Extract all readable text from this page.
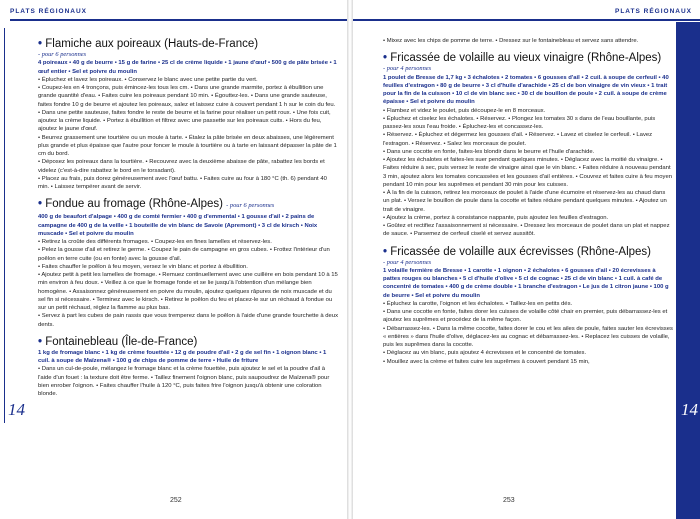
PLATS RÉGIONAUX
14
• Flamiche aux poireaux (Hauts-de-France)
- pour 6 personnes
4 poireaux • 40 g de beurre • 15 g de farine • 25 cl de crème liquide • 1 jaune d'œuf • 500 g de pâte brisée • 1 œuf entier • Sel et poivre du moulin

• Épluchez et lavez les poireaux. • Conservez le blanc avec une petite partie du vert.

• Coupez-les en 4 tronçons, puis émincez-les tous les cm. • Dans une grande marmite, portez à ébullition une grande quantité d'eau. • Faites cuire les poireaux pendant 10 min. • Égouttez-les. • Dans une grande sauteuse, faites fondre 10 g de beurre et ajoutez les poireaux, salez et laissez cuire à couvert pendant 1 h sur le coin du feu.

• Dans une petite sauteuse, faites fondre le reste de beurre et la farine pour réaliser un petit roux. • Une fois cuit, ajoutez la crème liquide. • Portez à ébullition et filtrez avec une passette sur les poireaux cuits. • Hors du feu, ajoutez le jaune d'œuf.

• Beurrez grassement une tourtière ou un moule à tarte. • Étalez la pâte brisée en deux abaisses, une légèrement plus grande et plus épaisse que l'autre pour foncer le moule à tourtière ou à tarte en laissant dépasser la pâte de 1 cm du bord.

• Déposez les poireaux dans la tourtière. • Recouvrez avec la deuxième abaisse de pâte, rabattez les bords et videlez (c'est-à-dire rabattez le bord en le torsadant).

• Placez au frais, puis dorez généreusement avec l'œuf battu. • Faites cuire au four à 180 °C (th. 6) pendant 40 min. • Laissez tempérer avant de servir.

• Fondue au fromage (Rhône-Alpes) - pour 6 personnes
400 g de beaufort d'alpage • 400 g de comté fermier • 400 g d'emmental • 1 gousse d'ail • 2 pains de campagne de 400 g de la veille • 1 bouteille de vin blanc de Savoie (Apremont) • 3 cl de kirsch • Noix muscade • Sel et poivre du moulin

• Retirez la croûte des différents fromages. • Coupez-les en fines lamelles et réservez-les.

• Pelez la gousse d'ail et retirez le germe. • Coupez le pain de campagne en gros cubes. • Frottez l'intérieur d'un poêlon en terre cuite (ou en fonte) avec la gousse d'ail.

• Faites chauffer le poêlon à feu moyen, versez le vin blanc et portez à ébullition.

• Ajoutez petit à petit les lamelles de fromage. • Remuez continuellement avec une cuillère en bois pendant 10 à 15 min environ à feu doux. • Veillez à ce que le fromage fonde et se lie jusqu'à l'obtention d'un mélange bien homogène. • Assaisonnez généreusement en poivre du moulin, ajoutez quelques râpures de noix muscade et du sel fin si nécessaire. • Terminez avec le kirsch. • Retirez le poêlon du feu et placez-le sur un réchaud à fondue ou sur un petit réchaud, réglez la flamme au plus bas.

• Servez à part les cubes de pain rassis que vous tremperez dans le poêlon à l'aide d'une grande fourchette à deux dents.

• Fontainebleau (Île-de-France)
1 kg de fromage blanc • 1 kg de crème fouettée • 12 g de poudre d'ail • 2 g de sel fin • 1 oignon blanc • 1 cuil. à soupe de Maïzena® • 100 g de chips de pomme de terre • Huile de friture

• Dans un cul-de-poule, mélangez le fromage blanc et la crème fouettée, puis ajoutez le sel et la poudre d'ail à l'aide d'un fouet : la texture doit être ferme. • Taillez finement l'oignon blanc, puis saupoudrez de Maïzena® pour bien enrober l'oignon. • Faites chauffer l'huile à 120 °C, puis faites frire l'oignon jusqu'à obtenir une coloration blonde.

252
PLATS RÉGIONAUX
14

• Mixez avec les chips de pomme de terre. • Dressez sur le fontainebleau et servez sans attendre.

• Fricassée de volaille au vieux vinaigre (Rhône-Alpes)
- pour 4 personnes
1 poulet de Bresse de 1,7 kg • 3 échalotes • 2 tomates • 6 gousses d'ail • 2 cuil. à soupe de cerfeuil • 40 feuilles d'estragon • 80 g de beurre • 3 cl d'huile d'arachide • 25 cl de bon vinaigre de vin vieux • 1 trait pour la fin de la cuisson • 10 cl de vin blanc sec • 30 cl de bouillon de poule • 2 cuil. à soupe de crème épaisse • Sel et poivre du moulin

• Flambez et videz le poulet, puis découpez-le en 8 morceaux.

• Épluchez et ciselez les échalotes. • Réservez. • Plongez les tomates 30 s dans de l'eau bouillante, puis passez-les sous l'eau froide. • Épluchez-les et concassez-les.

• Réservez. • Épluchez et dégermez les gousses d'ail. • Réservez. • Lavez et ciselez le cerfeuil. • Lavez l'estragon. • Réservez. • Salez les morceaux de poulet.

• Dans une cocotte en fonte, faites-les blondir dans le beurre et l'huile d'arachide.

• Ajoutez les échalotes et faites-les suer pendant quelques minutes. • Déglacez avec la moitié du vinaigre. • Faites réduire à sec, puis versez le reste de vinaigre ainsi que le vin blanc. • Faites réduire à nouveau pendant 3 min, ajoutez alors les tomates concassées et les gousses d'ail entières. • Couvrez et faites cuire à feu moyen pendant 10 min pour les suprêmes et pendant 30 min pour les cuisses.

• À la fin de la cuisson, retirez les morceaux de poulet à l'aide d'une écumoire et réservez-les au chaud dans un plat. • Versez le bouillon de poule dans la cocotte et faites réduire pendant quelques minutes. • Ajoutez un trait de vinaigre.

• Ajoutez la crème, portez à consistance nappante, puis ajoutez les feuilles d'estragon.

• Goûtez et rectifiez l'assaisonnement si nécessaire. • Dressez les morceaux de poulet dans un plat et nappez de sauce. • Parsemez de cerfeuil ciselé et servez aussitôt.

• Fricassée de volaille aux écrevisses (Rhône-Alpes)
- pour 4 personnes
1 volaille fermière de Bresse • 1 carotte • 1 oignon • 2 échalotes • 6 gousses d'ail • 20 écrevisses à pattes rouges ou blanches • 5 cl d'huile d'olive • 5 cl de cognac • 25 cl de vin blanc • 1 cuil. à café de concentré de tomates • 400 g de crème double • 1 branche d'estragon • Le jus de 1 citron jaune • 100 g de beurre • Sel et poivre du moulin

• Épluchez la carotte, l'oignon et les échalotes. • Taillez-les en petits dés.

• Dans une cocotte en fonte, faites dorer les cuisses de volaille côté chair en premier, puis débarrassez-les et ajoutez les suprêmes et procédez de la même façon.

• Débarrassez-les. • Dans la même cocotte, faites dorer le cou et les ailes de poule, faites sauter les écrevisses « entières » dans l'huile d'olive, déglacez-les au cognac et débarrassez-les. • Replacez les cuisses de volaille, puis les suprêmes dans la cocotte.

• Déglacez au vin blanc, puis ajoutez 4 écrevisses et le concentré de tomates.

• Mouillez avec la crème et faites cuire les suprêmes à couvert pendant 15 min,

253
